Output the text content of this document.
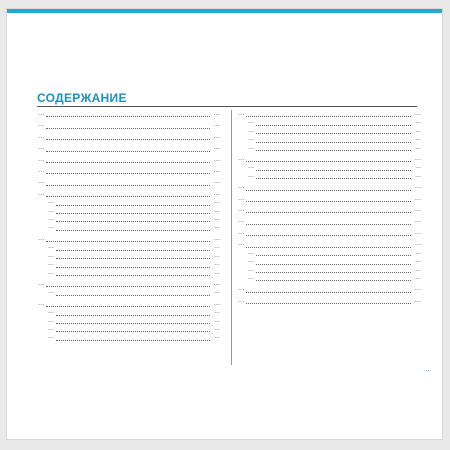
СОДЕРЖАНИЕ
…	…
…	…
…	…
…	…
…	…
…	…
…	…
…	…
…	…
…	…
…	…
…	…
…	…
…	…
…	…
…	…
…	…
…	…
…	…
…	…
…	…
…	…
…	…
…	…
…	…
…	…
…	…
…	…
…	…
…	…
…	…
…	…
…	…
…	…
…	…
…	…
…	…
…	…
…	…
…	…
…	…
…	…
…	…
…	…
…
